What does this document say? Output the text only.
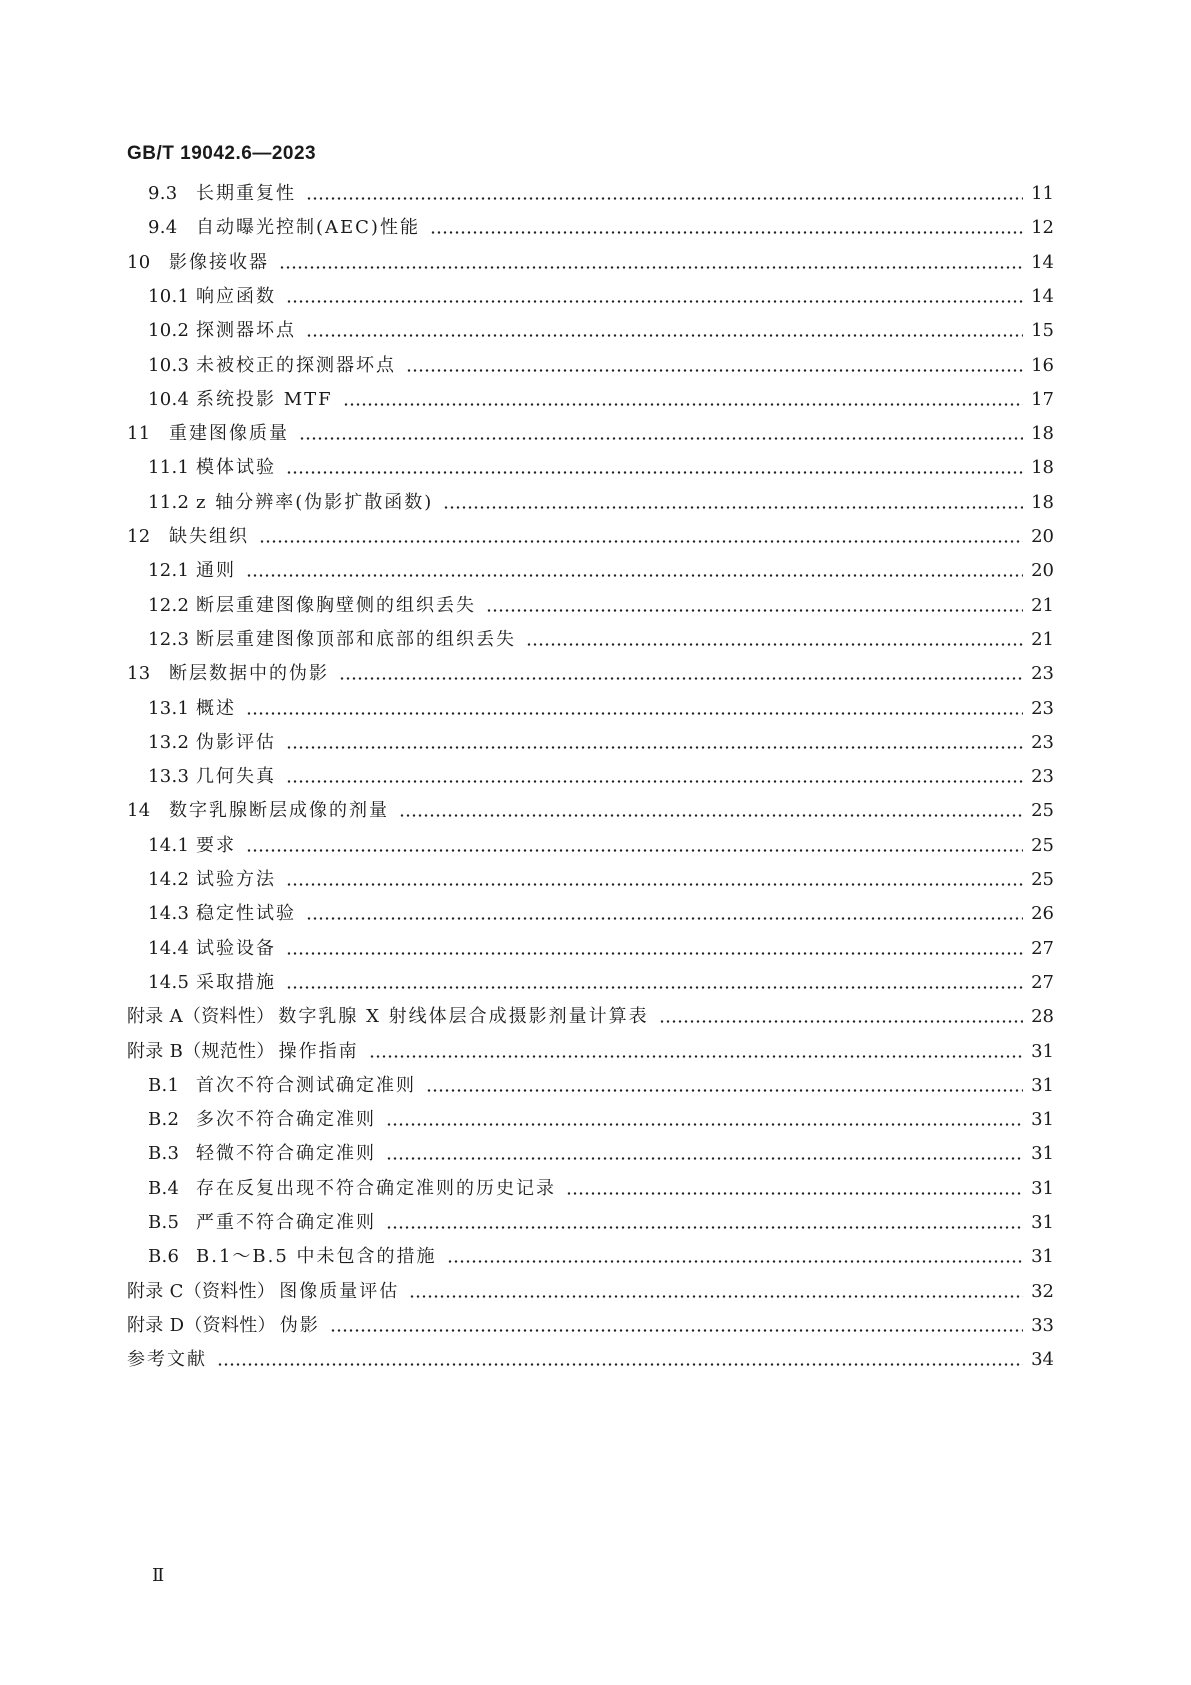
GB/T 19042.6—2023
9.3	长期重复性	11
9.4	自动曝光控制(AEC)性能	12
10	影像接收器	14
10.1 响应函数	14
10.2 探测器坏点	15
10.3 未被校正的探测器坏点	16
10.4 系统投影 MTF	17
11	重建图像质量	18
11.1 模体试验	18
11.2 z 轴分辨率(伪影扩散函数)	18
12	缺失组织	20
12.1 通则	20
12.2 断层重建图像胸壁侧的组织丢失	21
12.3 断层重建图像顶部和底部的组织丢失	21
13	断层数据中的伪影	23
13.1 概述	23
13.2 伪影评估	23
13.3 几何失真	23
14	数字乳腺断层成像的剂量	25
14.1 要求	25
14.2 试验方法	25
14.3 稳定性试验	26
14.4 试验设备	27
14.5 采取措施	27
附录 A（资料性） 数字乳腺 X 射线体层合成摄影剂量计算表	28
附录 B（规范性） 操作指南	31
B.1 首次不符合测试确定准则	31
B.2 多次不符合确定准则	31
B.3 轻微不符合确定准则	31
B.4 存在反复出现不符合确定准则的历史记录	31
B.5 严重不符合确定准则	31
B.6 B.1～B.5 中未包含的措施	31
附录 C（资料性） 图像质量评估	32
附录 D（资料性） 伪影	33
参考文献	34
Ⅱ
